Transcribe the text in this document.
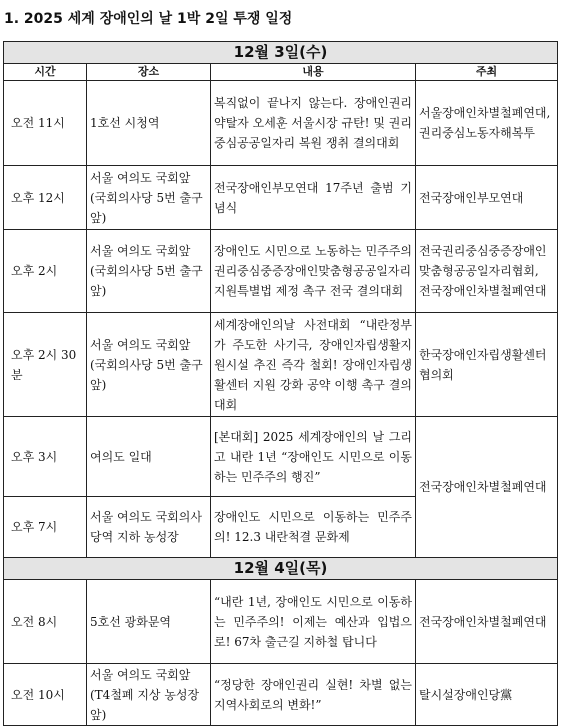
1. 2025 세계 장애인의 날 1박 2일 투쟁 일정
12월 3일(수)			
시간	장소	내용	주최
오전 11시	1호선 시청역	복직없이 끝나지 않는다. 장애인권리약탈자 오세훈 서울시장 규탄! 및 권리중심공공일자리 복원 쟁취 결의대회	서울장애인차별철폐연대, 권리중심노동자해복투
오후 12시	서울 여의도 국회앞 (국회의사당 5번 출구 앞)	전국장애인부모연대 17주년 출범 기념식	전국장애인부모연대
오후 2시	서울 여의도 국회앞 (국회의사당 5번 출구 앞)	장애인도 시민으로 노동하는 민주주의 권리중심중증장애인맞춤형공공일자리지원특별법 제정 촉구 전국 결의대회	전국권리중심중증장애인맞춤형공공일자리협회, 전국장애인차별철폐연대
오후 2시 30분	서울 여의도 국회앞 (국회의사당 5번 출구 앞)	세계장애인의날 사전대회 “내란정부가 주도한 사기극, 장애인자립생활지원시설 추진 즉각 철회! 장애인자립생활센터 지원 강화 공약 이행 촉구 결의대회	한국장애인자립생활센터협의회
오후 3시	여의도 일대	[본대회] 2025 세계장애인의 날 그리고 내란 1년 “장애인도 시민으로 이동하는 민주주의 행진”	전국장애인차별철폐연대
오후 7시	서울 여의도 국회의사당역 지하 농성장	장애인도 시민으로 이동하는 민주주의! 12.3 내란척결 문화제	
12월 4일(목)			
오전 8시	5호선 광화문역	“내란 1년, 장애인도 시민으로 이동하는 민주주의! 이제는 예산과 입법으로! 67차 출근길 지하철 탑니다	전국장애인차별철폐연대
오전 10시	서울 여의도 국회앞 (T4철폐 지상 농성장 앞)	“정당한 장애인권리 실현! 차별 없는 지역사회로의 변화!”	탈시설장애인당黨
